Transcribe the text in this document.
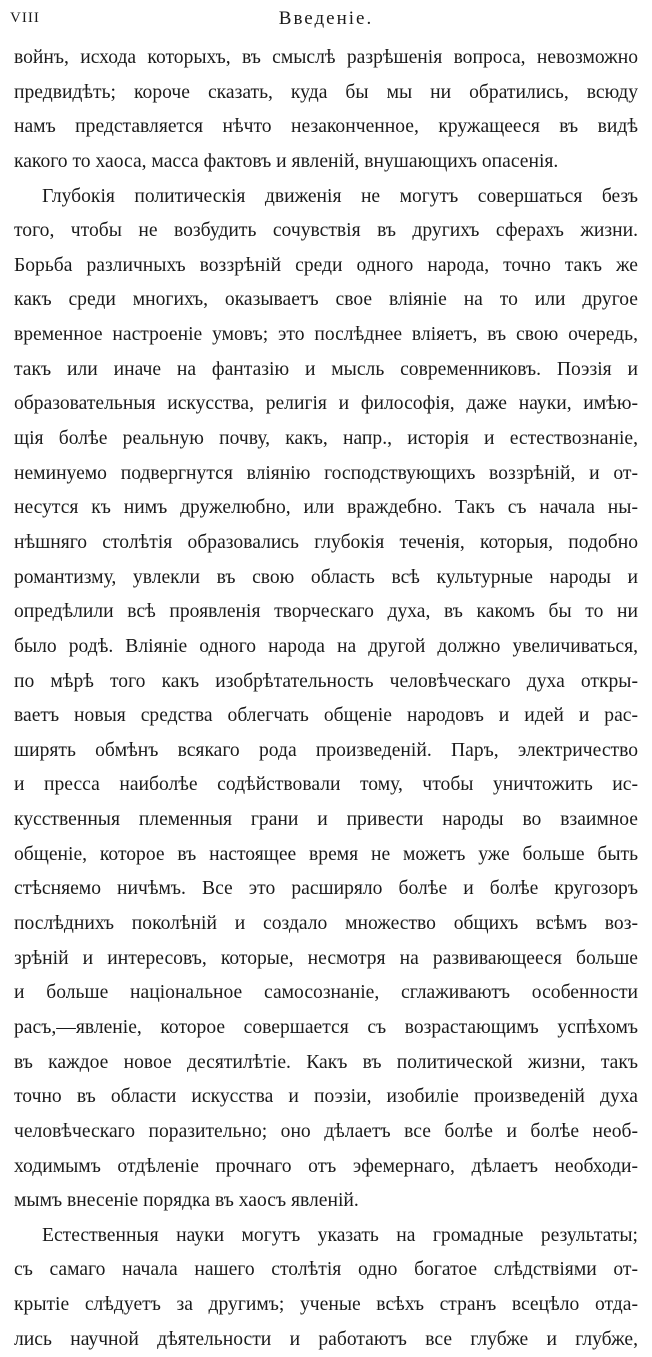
VIII	Введеніе.
войнъ, исхода которыхъ, въ смыслѣ разрѣшенія вопроса, невозможно
предвидѣть; короче сказать, куда бы мы ни обратились, всюду
намъ представляется нѣчто незаконченное, кружащееся въ видѣ
какого то хаоса, масса фактовъ и явленій, внушающихъ опасенія.
Глубокія политическія движенія не могутъ совершаться безъ
того, чтобы не возбудить сочувствія въ другихъ сферахъ жизни.
Борьба различныхъ воззрѣній среди одного народа, точно такъ же
какъ среди многихъ, оказываетъ свое вліяніе на то или другое
временное настроеніе умовъ; это послѣднее вліяетъ, въ свою очередь,
такъ или иначе на фантазію и мысль современниковъ. Поэзія и
образовательныя искусства, религія и философія, даже науки, имѣю-
щія болѣе реальную почву, какъ, напр., исторія и естествознаніе,
неминуемо подвергнутся вліянію господствующихъ воззрѣній, и от-
несутся къ нимъ дружелюбно, или враждебно. Такъ съ начала ны-
нѣшняго столѣтія образовались глубокія теченія, которыя, подобно
романтизму, увлекли въ свою область всѣ культурные народы и
опредѣлили всѣ проявленія творческаго духа, въ какомъ бы то ни
было родѣ. Вліяніе одного народа на другой должно увеличиваться,
по мѣрѣ того какъ изобрѣтательность человѣческаго духа откры-
ваетъ новыя средства облегчать общеніе народовъ и идей и рас-
ширять обмѣнъ всякаго рода произведеній. Паръ, электричество
и пресса наиболѣе содѣйствовали тому, чтобы уничтожить ис-
кусственныя племенныя грани и привести народы во взаимное
общеніе, которое въ настоящее время не можетъ уже больше быть
стѣсняемо ничѣмъ. Все это расширяло болѣе и болѣе кругозоръ
послѣднихъ поколѣній и создало множество общихъ всѣмъ воз-
зрѣній и интересовъ, которые, несмотря на развивающееся больше
и больше національное самосознаніе, сглаживаютъ особенности
расъ,—явленіе, которое совершается съ возрастающимъ успѣхомъ
въ каждое новое десятилѣтіе. Какъ въ политической жизни, такъ
точно въ области искусства и поэзіи, изобиліе произведеній духа
человѣческаго поразительно; оно дѣлаетъ все болѣе и болѣе необ-
ходимымъ отдѣленіе прочнаго отъ эфемернаго, дѣлаетъ необходи-
мымъ внесеніе порядка въ хаосъ явленій.
Естественныя науки могутъ указать на громадные результаты;
съ самаго начала нашего столѣтія одно богатое слѣдствіями от-
крытіе слѣдуетъ за другимъ; ученые всѣхъ странъ всецѣло отда-
лись научной дѣятельности и работаютъ все глубже и глубже,
